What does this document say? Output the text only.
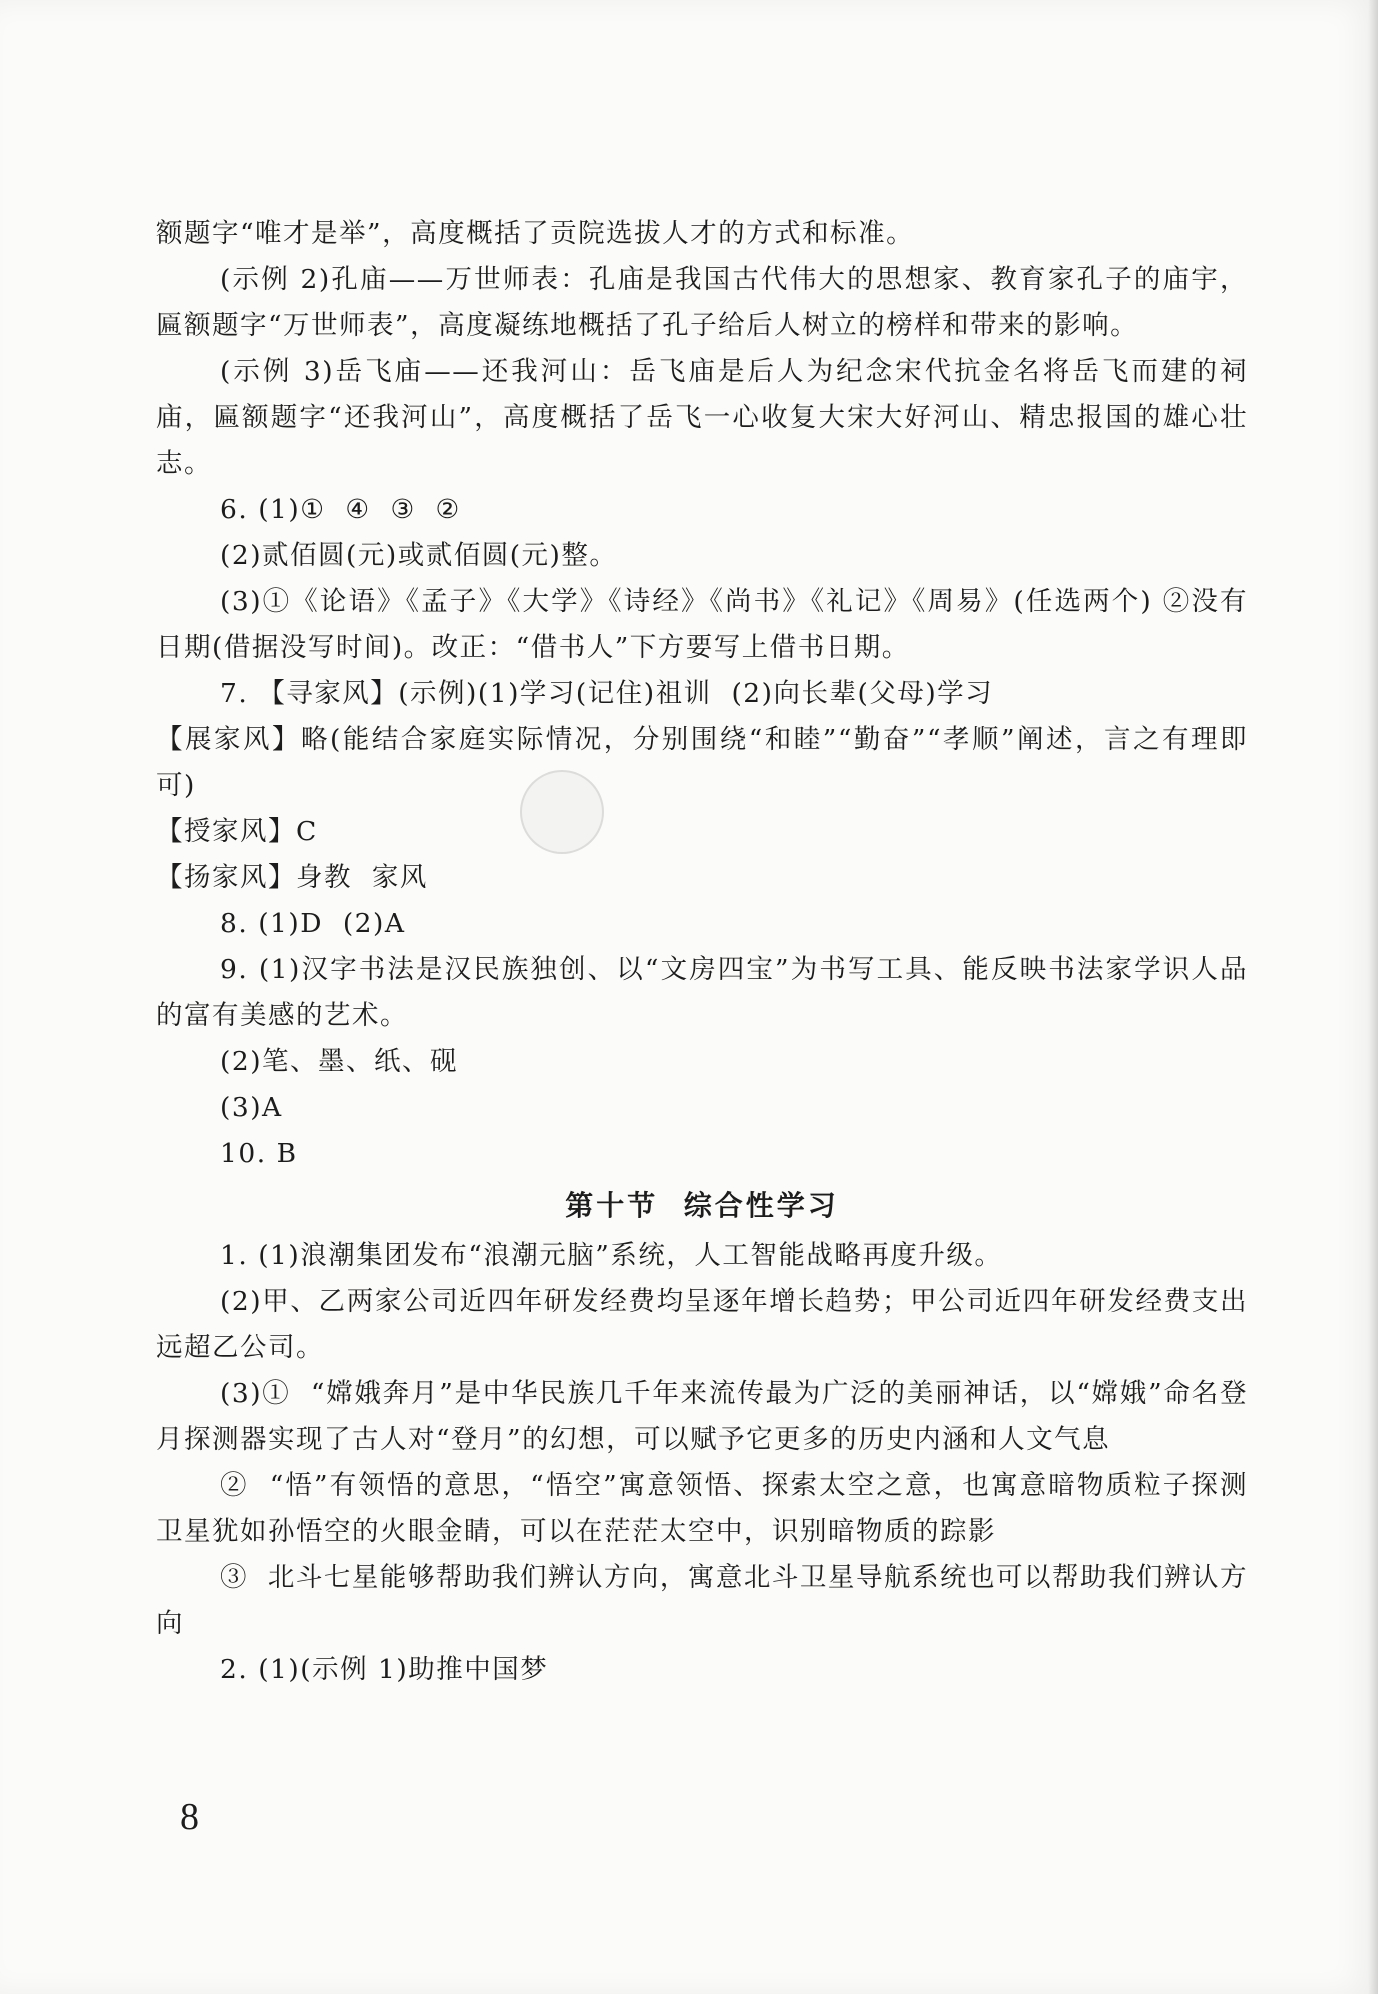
额题字“唯才是举”，高度概括了贡院选拔人才的方式和标准。

(示例 2)孔庙——万世师表：孔庙是我国古代伟大的思想家、教育家孔子的庙宇，匾额题字“万世师表”，高度凝练地概括了孔子给后人树立的榜样和带来的影响。

(示例 3)岳飞庙——还我河山：岳飞庙是后人为纪念宋代抗金名将岳飞而建的祠庙，匾额题字“还我河山”，高度概括了岳飞一心收复大宋大好河山、精忠报国的雄心壮志。

6. (1)①  ④  ③  ②

(2)贰佰圆(元)或贰佰圆(元)整。

(3)①《论语》《孟子》《大学》《诗经》《尚书》《礼记》《周易》(任选两个) ②没有日期(借据没写时间)。改正：“借书人”下方要写上借书日期。

7. 【寻家风】(示例)(1)学习(记住)祖训  (2)向长辈(父母)学习

【展家风】略(能结合家庭实际情况，分别围绕“和睦”“勤奋”“孝顺”阐述，言之有理即可)

【授家风】C

【扬家风】身教  家风

8. (1)D  (2)A

9. (1)汉字书法是汉民族独创、以“文房四宝”为书写工具、能反映书法家学识人品的富有美感的艺术。

(2)笔、墨、纸、砚

(3)A

10. B

第十节  综合性学习

1. (1)浪潮集团发布“浪潮元脑”系统，人工智能战略再度升级。

(2)甲、乙两家公司近四年研发经费均呈逐年增长趋势；甲公司近四年研发经费支出远超乙公司。

(3)①  “嫦娥奔月”是中华民族几千年来流传最为广泛的美丽神话，以“嫦娥”命名登月探测器实现了古人对“登月”的幻想，可以赋予它更多的历史内涵和人文气息

②  “悟”有领悟的意思，“悟空”寓意领悟、探索太空之意，也寓意暗物质粒子探测卫星犹如孙悟空的火眼金睛，可以在茫茫太空中，识别暗物质的踪影

③  北斗七星能够帮助我们辨认方向，寓意北斗卫星导航系统也可以帮助我们辨认方向

2. (1)(示例 1)助推中国梦

8
